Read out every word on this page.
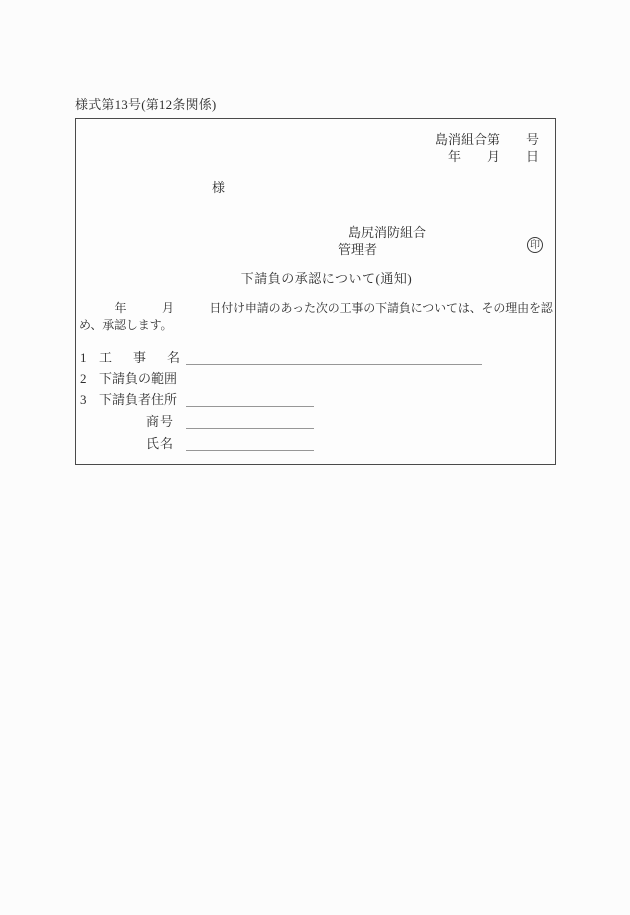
様式第13号(第12条関係)
島消組合第　　号
年　　月　　日
様
島尻消防組合
管理者	印
下請負の承認について(通知)
　　　年　　　月　　　日付け申請のあった次の工事の下請負については、その理由を認
め、承認します。
1 工　事　名
2 下請負の範囲
3 下請負者住所
商号
氏名
